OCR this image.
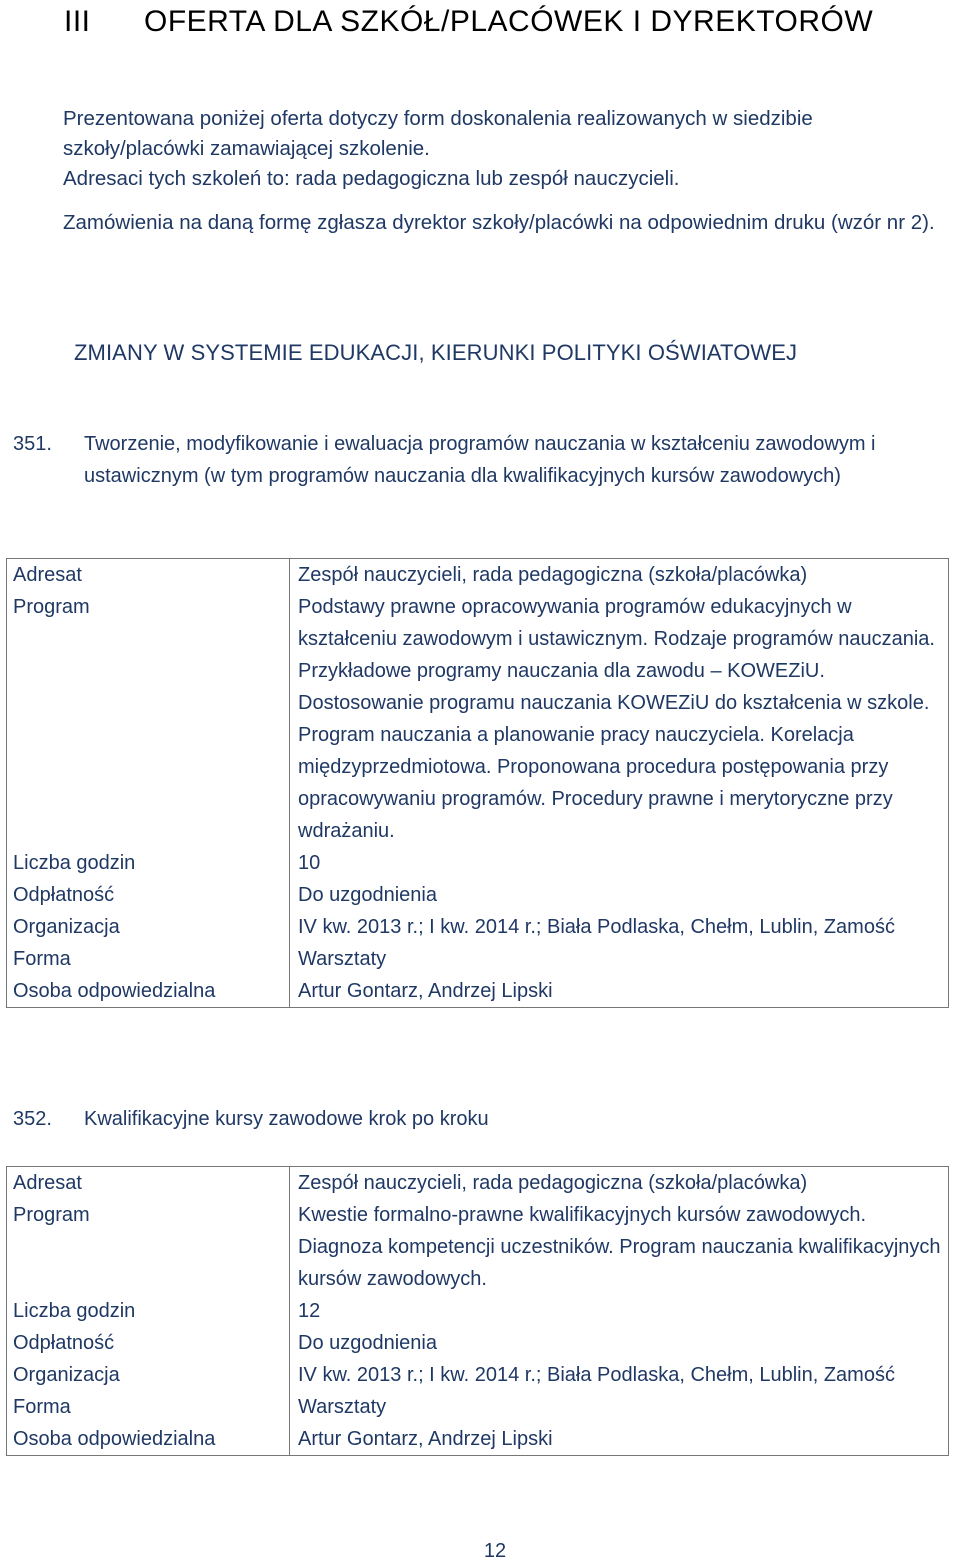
III	OFERTA DLA SZKÓŁ/PLACÓWEK I DYREKTORÓW

Prezentowana poniżej oferta dotyczy form doskonalenia realizowanych w siedzibie szkoły/placówki zamawiającej szkolenie.

Adresaci tych szkoleń to: rada pedagogiczna lub zespół nauczycieli.

Zamówienia na daną formę zgłasza dyrektor szkoły/placówki na odpowiednim druku (wzór nr 2).

ZMIANY W SYSTEMIE EDUKACJI, KIERUNKI POLITYKI OŚWIATOWEJ
351.	Tworzenie, modyfikowanie i ewaluacja programów nauczania w kształceniu zawodowym i ustawicznym (w tym programów nauczania dla kwalifikacyjnych kursów zawodowych)
Adresat	Zespół nauczycieli, rada pedagogiczna (szkoła/placówka)
Program	Podstawy prawne opracowywania programów edukacyjnych w kształceniu zawodowym i ustawicznym. Rodzaje programów nauczania. Przykładowe programy nauczania dla zawodu – KOWEZiU. Dostosowanie programu nauczania KOWEZiU do kształcenia w szkole. Program nauczania a planowanie pracy nauczyciela. Korelacja międzyprzedmiotowa. Proponowana procedura postępowania przy opracowywaniu programów. Procedury prawne i merytoryczne przy wdrażaniu.
Liczba godzin	10
Odpłatność	Do uzgodnienia
Organizacja	IV kw. 2013 r.; I kw. 2014 r.; Biała Podlaska, Chełm, Lublin, Zamość
Forma	Warsztaty
Osoba odpowiedzialna	Artur Gontarz, Andrzej Lipski
352.	Kwalifikacyjne kursy zawodowe krok po kroku
Adresat	Zespół nauczycieli, rada pedagogiczna (szkoła/placówka)
Program	Kwestie formalno-prawne kwalifikacyjnych kursów zawodowych. Diagnoza kompetencji uczestników. Program nauczania kwalifikacyjnych kursów zawodowych.
Liczba godzin	12
Odpłatność	Do uzgodnienia
Organizacja	IV kw. 2013 r.; I kw. 2014 r.; Biała Podlaska, Chełm, Lublin, Zamość
Forma	Warsztaty
Osoba odpowiedzialna	Artur Gontarz, Andrzej Lipski
12
